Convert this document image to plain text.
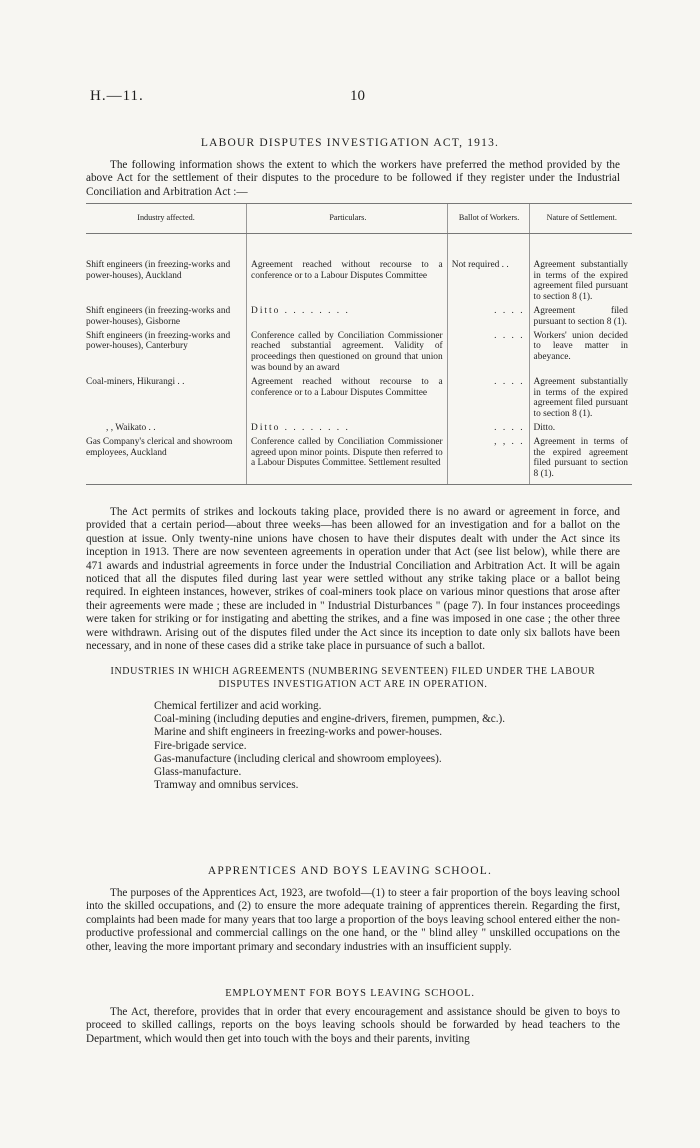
H.—11.	10
LABOUR DISPUTES INVESTIGATION ACT, 1913.

The following information shows the extent to which the workers have preferred the method provided by the above Act for the settlement of their disputes to the procedure to be followed if they register under the Industrial Conciliation and Arbitration Act :—

Industry affected.	Particulars.	Ballot of Workers.	Nature of Settlement.
Shift engineers (in freezing-works and power-houses), Auckland	Agreement reached without recourse to a conference or to a Labour Disputes Committee	Not required . .	Agreement substantially in terms of the expired agreement filed pursuant to section 8 (1).
Shift engineers (in freezing-works and power-houses), Gisborne	Ditto . . . . . . . .	. . . .	Agreement filed pursuant to section 8 (1).
Shift engineers (in freezing-works and power-houses), Canterbury	Conference called by Conciliation Commissioner reached substantial agreement. Validity of proceedings then questioned on ground that union was bound by an award	. . . .	Workers' union decided to leave matter in abeyance.
Coal-miners, Hikurangi . .	Agreement reached without recourse to a conference or to a Labour Disputes Committee	. . . .	Agreement substantially in terms of the expired agreement filed pursuant to section 8 (1).
, , Waikato . .	Ditto . . . . . . . .	. . . .	Ditto.
Gas Company's clerical and showroom employees, Auckland	Conference called by Conciliation Commissioner agreed upon minor points. Dispute then referred to a Labour Disputes Committee. Settlement resulted	, , . .	Agreement in terms of the expired agreement filed pursuant to section 8 (1).

The Act permits of strikes and lockouts taking place, provided there is no award or agreement in force, and provided that a certain period—about three weeks—has been allowed for an investigation and for a ballot on the question at issue. Only twenty-nine unions have chosen to have their disputes dealt with under the Act since its inception in 1913. There are now seventeen agreements in operation under that Act (see list below), while there are 471 awards and industrial agreements in force under the Industrial Conciliation and Arbitration Act. It will be again noticed that all the disputes filed during last year were settled without any strike taking place or a ballot being required. In eighteen instances, however, strikes of coal-miners took place on various minor questions that arose after their agreements were made ; these are included in " Industrial Disturbances " (page 7). In four instances proceedings were taken for striking or for instigating and abetting the strikes, and a fine was imposed in one case ; the other three were withdrawn. Arising out of the disputes filed under the Act since its inception to date only six ballots have been necessary, and in none of these cases did a strike take place in pursuance of such a ballot.

INDUSTRIES IN WHICH AGREEMENTS (NUMBERING SEVENTEEN) FILED UNDER THE LABOUR DISPUTES INVESTIGATION ACT ARE IN OPERATION.
Chemical fertilizer and acid working.
Coal-mining (including deputies and engine-drivers, firemen, pumpmen, &c.).
Marine and shift engineers in freezing-works and power-houses.
Fire-brigade service.
Gas-manufacture (including clerical and showroom employees).
Glass-manufacture.
Tramway and omnibus services.
APPRENTICES AND BOYS LEAVING SCHOOL.

The purposes of the Apprentices Act, 1923, are twofold—(1) to steer a fair proportion of the boys leaving school into the skilled occupations, and (2) to ensure the more adequate training of apprentices therein. Regarding the first, complaints had been made for many years that too large a proportion of the boys leaving school entered either the non-productive professional and commercial callings on the one hand, or the " blind alley " unskilled occupations on the other, leaving the more important primary and secondary industries with an insufficient supply.

EMPLOYMENT FOR BOYS LEAVING SCHOOL.

The Act, therefore, provides that in order that every encouragement and assistance should be given to boys to proceed to skilled callings, reports on the boys leaving schools should be forwarded by head teachers to the Department, which would then get into touch with the boys and their parents, inviting
